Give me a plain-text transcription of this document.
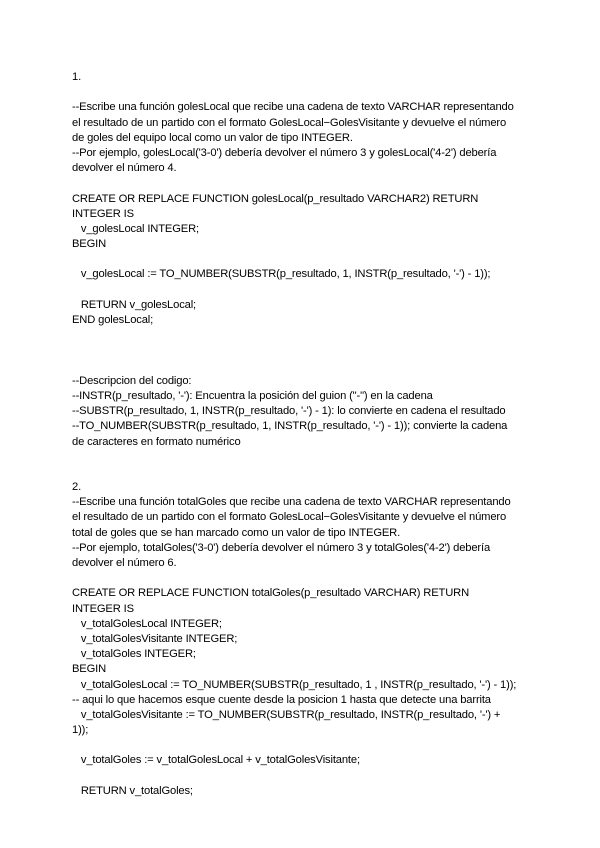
1.
--Escribe una función golesLocal que recibe una cadena de texto VARCHAR representando
el resultado de un partido con el formato GolesLocal−GolesVisitante y devuelve el número
de goles del equipo local como un valor de tipo INTEGER.
--Por ejemplo, golesLocal('3-0') debería devolver el número 3 y golesLocal('4-2') debería
devolver el número 4.
CREATE OR REPLACE FUNCTION golesLocal(p_resultado VARCHAR2) RETURN
INTEGER IS
v_golesLocal INTEGER;
BEGIN
v_golesLocal := TO_NUMBER(SUBSTR(p_resultado, 1, INSTR(p_resultado, '-') - 1));
RETURN v_golesLocal;
END golesLocal;
--Descripcion del codigo:
--INSTR(p_resultado, '-'): Encuentra la posición del guion ("-") en la cadena
--SUBSTR(p_resultado, 1, INSTR(p_resultado, '-') - 1): lo convierte en cadena el resultado
--TO_NUMBER(SUBSTR(p_resultado, 1, INSTR(p_resultado, '-') - 1)); convierte la cadena
de caracteres en formato numérico
2.
--Escribe una función totalGoles que recibe una cadena de texto VARCHAR representando
el resultado de un partido con el formato GolesLocal−GolesVisitante y devuelve el número
total de goles que se han marcado como un valor de tipo INTEGER.
--Por ejemplo, totalGoles('3-0') debería devolver el número 3 y totalGoles('4-2') debería
devolver el número 6.
CREATE OR REPLACE FUNCTION totalGoles(p_resultado VARCHAR) RETURN
INTEGER IS
v_totalGolesLocal INTEGER;
v_totalGolesVisitante INTEGER;
v_totalGoles INTEGER;
BEGIN
v_totalGolesLocal := TO_NUMBER(SUBSTR(p_resultado, 1 , INSTR(p_resultado, '-') - 1));
-- aqui lo que hacemos esque cuente desde la posicion 1 hasta que detecte una barrita
v_totalGolesVisitante := TO_NUMBER(SUBSTR(p_resultado, INSTR(p_resultado, '-') +
1));
v_totalGoles := v_totalGolesLocal + v_totalGolesVisitante;
RETURN v_totalGoles;
